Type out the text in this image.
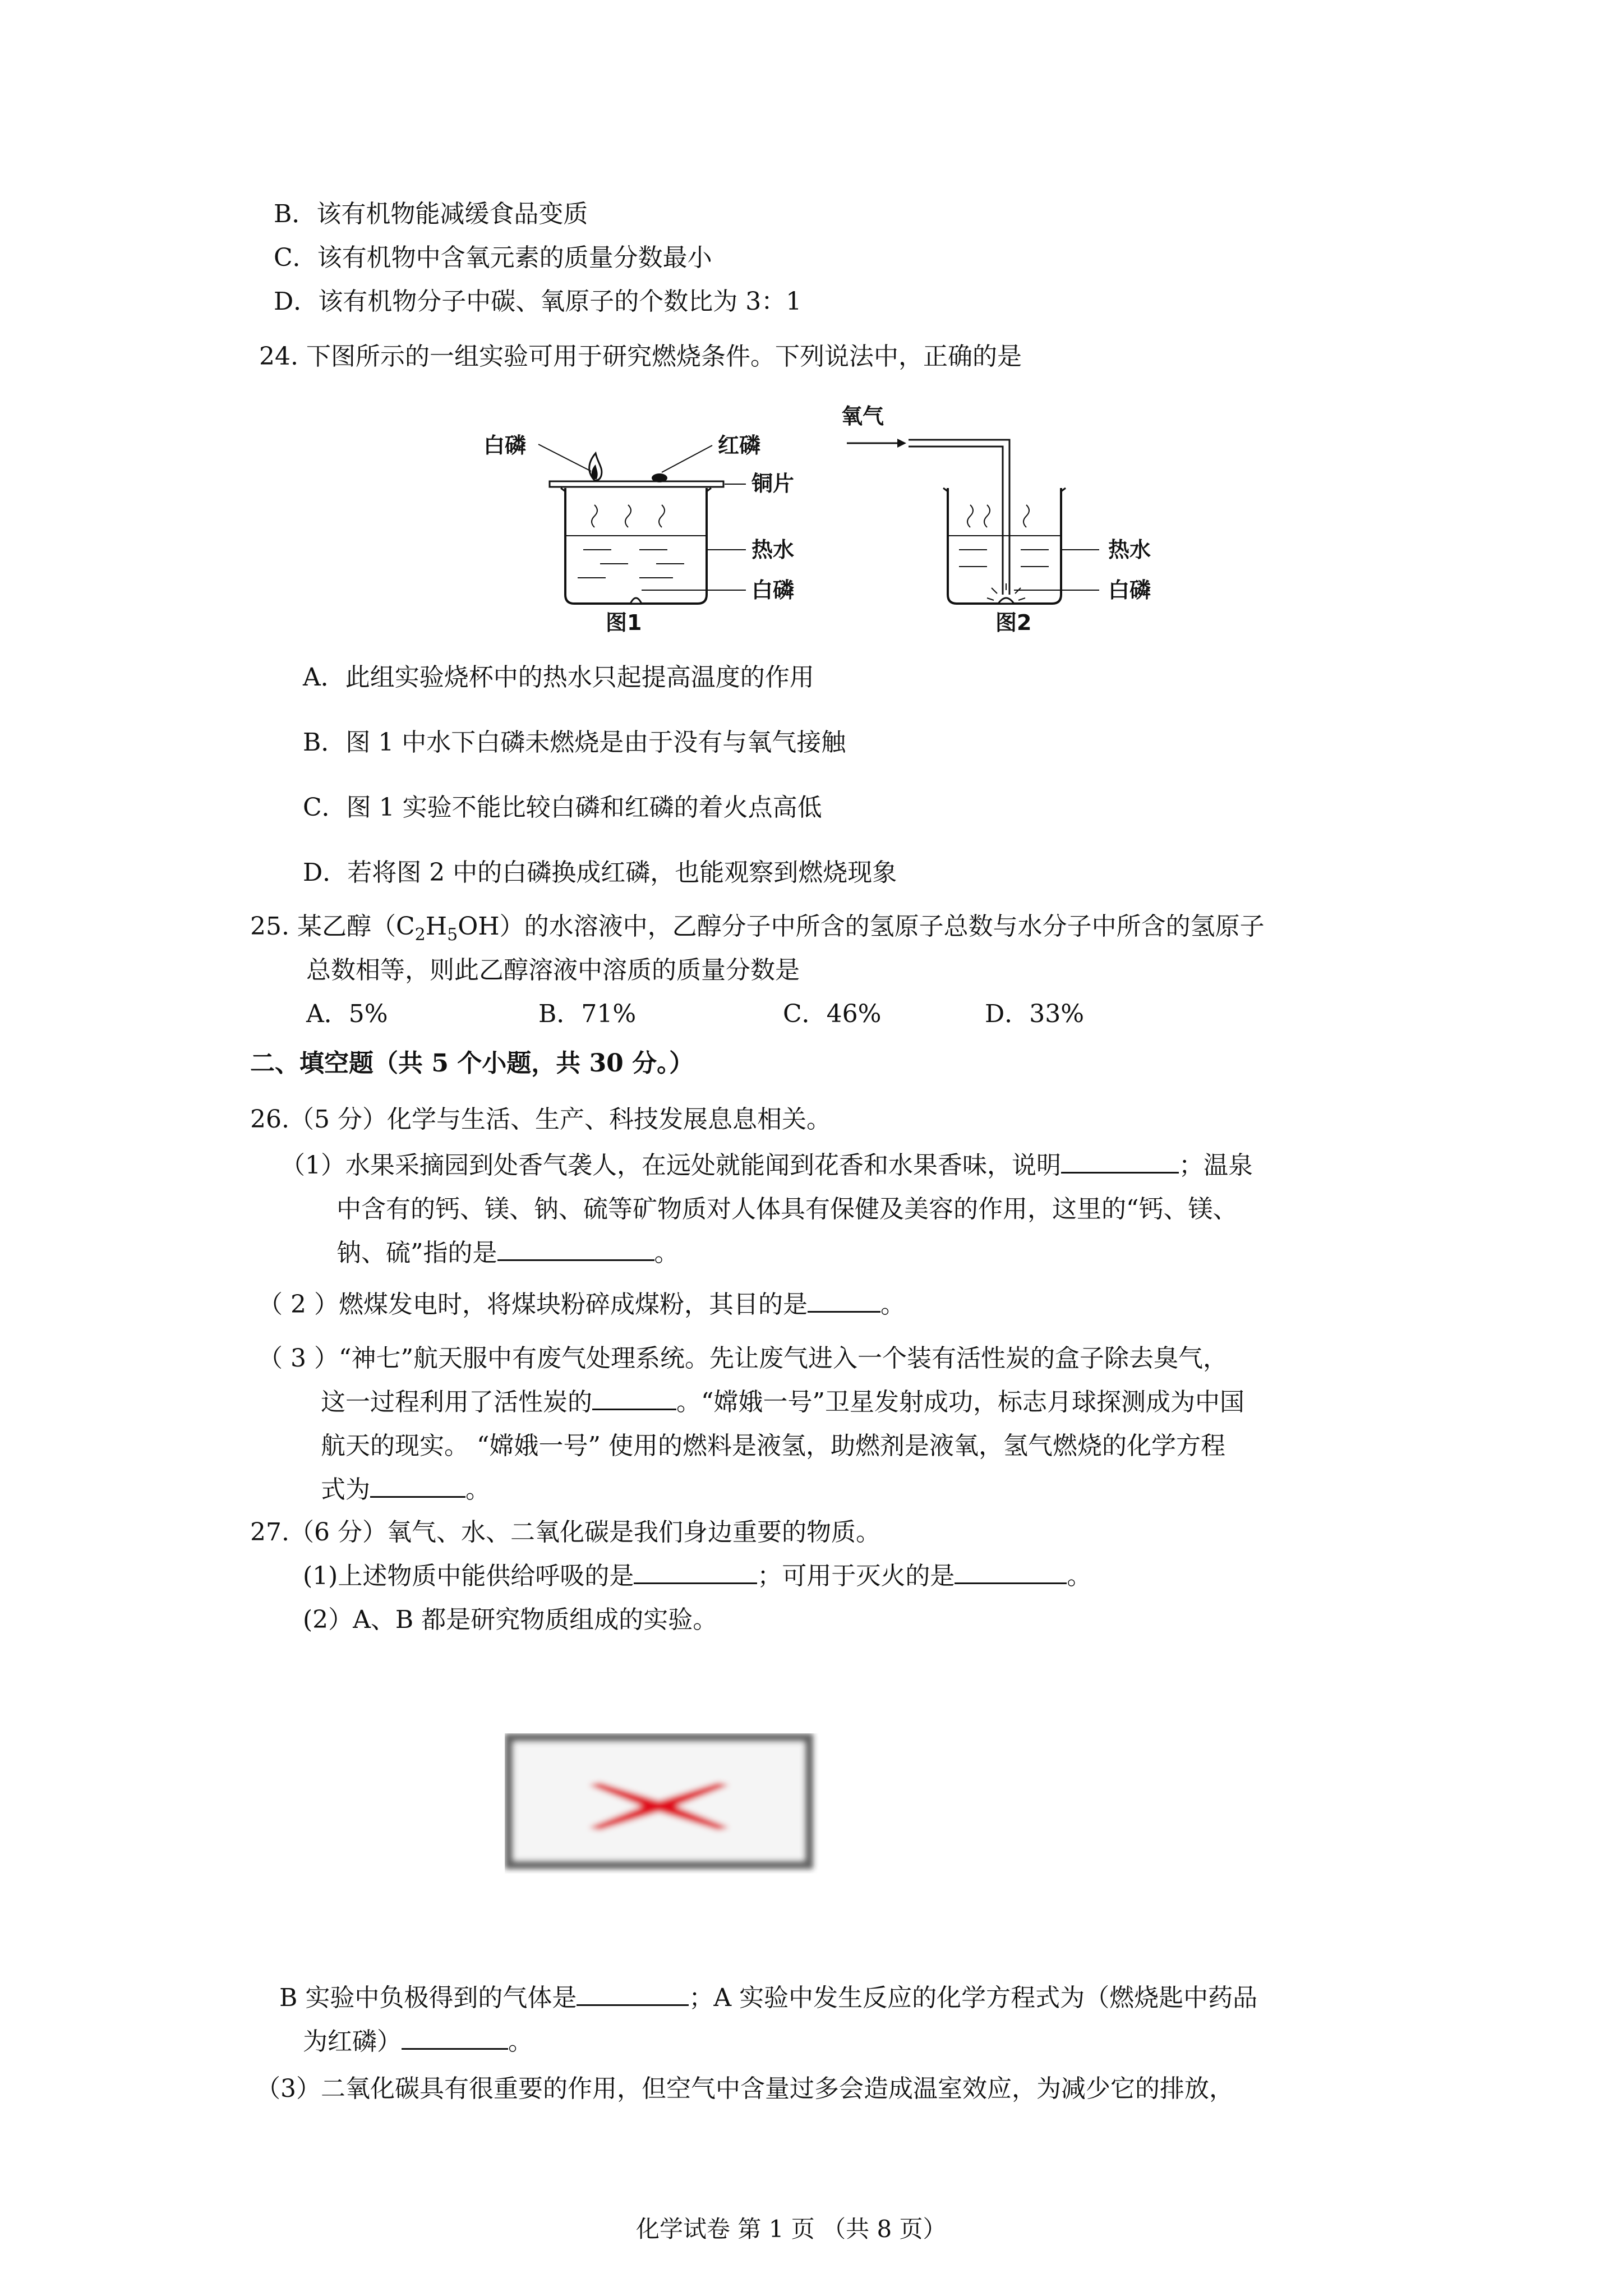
B．该有机物能减缓食品变质
C．该有机物中含氧元素的质量分数最小
D．该有机物分子中碳、氧原子的个数比为 3：1
24. 下图所示的一组实验可用于研究燃烧条件。下列说法中，正确的是
白磷	红磷
铜片
热水
白磷
图1
氧气
热水
白磷
图2
A．此组实验烧杯中的热水只起提高温度的作用
B．图 1 中水下白磷未燃烧是由于没有与氧气接触
C．图 1 实验不能比较白磷和红磷的着火点高低
D．若将图 2 中的白磷换成红磷，也能观察到燃烧现象
25. 某乙醇$(C_2H_5OH)$的水溶液中，乙醇分子中所含的氢原子总数与水分子中所含的氢原子
总数相等，则此乙醇溶液中溶质的质量分数是
A．5%	B．71%	C．46%	D．33%
二、填空题（共 5 个小题，共 30 分。）
26.（5 分）化学与生活、生产、科技发展息息相关。
（1）水果采摘园到处香气袭人，在远处就能闻到花香和水果香味，说明	；温泉
中含有的钙、镁、钠、硫等矿物质对人体具有保健及美容的作用，这里的“钙、镁、
钠、硫”指的是	。
（ 2 ）燃煤发电时，将煤块粉碎成煤粉，其目的是	。
（ 3 ）“神七”航天服中有废气处理系统。先让废气进入一个装有活性炭的盒子除去臭气，
这一过程利用了活性炭的	。“嫦娥一号”卫星发射成功，标志月球探测成为中国
航天的现实。 “嫦娥一号” 使用的燃料是液氢，助燃剂是液氧，氢气燃烧的化学方程
式为	。
27.（6 分）氧气、水、二氧化碳是我们身边重要的物质。
(1)上述物质中能供给呼吸的是	；可用于灭火的是	。
(2）A、B 都是研究物质组成的实验。
B 实验中负极得到的气体是	；A 实验中发生反应的化学方程式为（燃烧匙中药品
为红磷）	。
（3）二氧化碳具有很重要的作用，但空气中含量过多会造成温室效应，为减少它的排放，
化学试卷 第 1 页 （共 8 页）
